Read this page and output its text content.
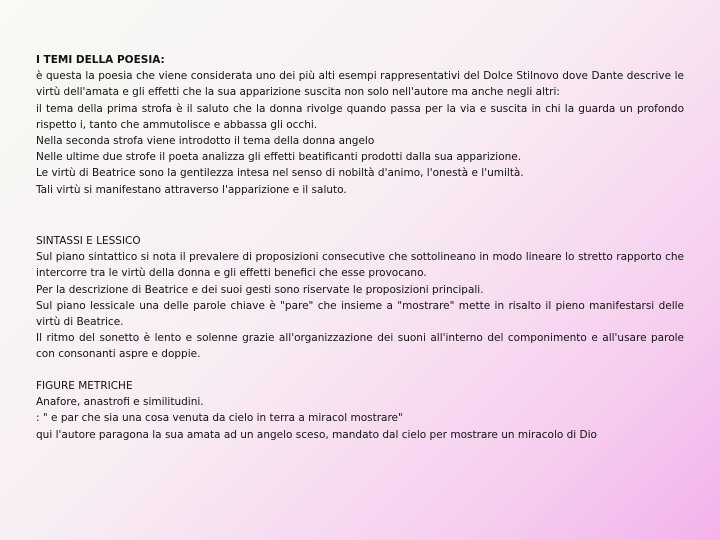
I TEMI DELLA POESIA:
è questa la poesia che viene considerata uno dei più alti esempi rappresentativi del Dolce Stilnovo dove Dante descrive le virtù dell'amata e gli effetti che la sua apparizione suscita non solo nell'autore ma anche negli altri:
il tema della prima strofa è il saluto che la donna rivolge quando passa per la via e suscita in chi la guarda un profondo rispetto i, tanto che ammutolisce e abbassa gli occhi.
Nella seconda strofa viene introdotto il tema della donna angelo
Nelle ultime due strofe il poeta analizza gli effetti beatificanti prodotti dalla sua apparizione.
Le virtù di Beatrice sono la gentilezza intesa nel senso di nobiltà d'animo, l'onestà e l'umiltà.
Tali virtù si manifestano attraverso l'apparizione e il saluto.
SINTASSI E LESSICO
Sul piano sintattico si nota il prevalere di proposizioni consecutive che sottolineano in modo lineare lo stretto rapporto che intercorre tra le virtù della donna e gli effetti benefici che esse provocano.
Per la descrizione di Beatrice e dei suoi gesti sono riservate le proposizioni principali.
Sul piano lessicale una delle parole chiave è "pare" che insieme a "mostrare" mette in risalto il pieno manifestarsi delle virtù di Beatrice.
Il ritmo del sonetto è lento e solenne grazie all'organizzazione dei suoni all'interno del componimento e all'usare parole con consonanti aspre e doppie.
FIGURE METRICHE
Anafore, anastrofi e similitudini.
: " e par che sia una cosa venuta da cielo in terra a miracol mostrare"
qui l'autore paragona la sua amata ad un angelo sceso, mandato dal cielo per mostrare un miracolo di Dio
